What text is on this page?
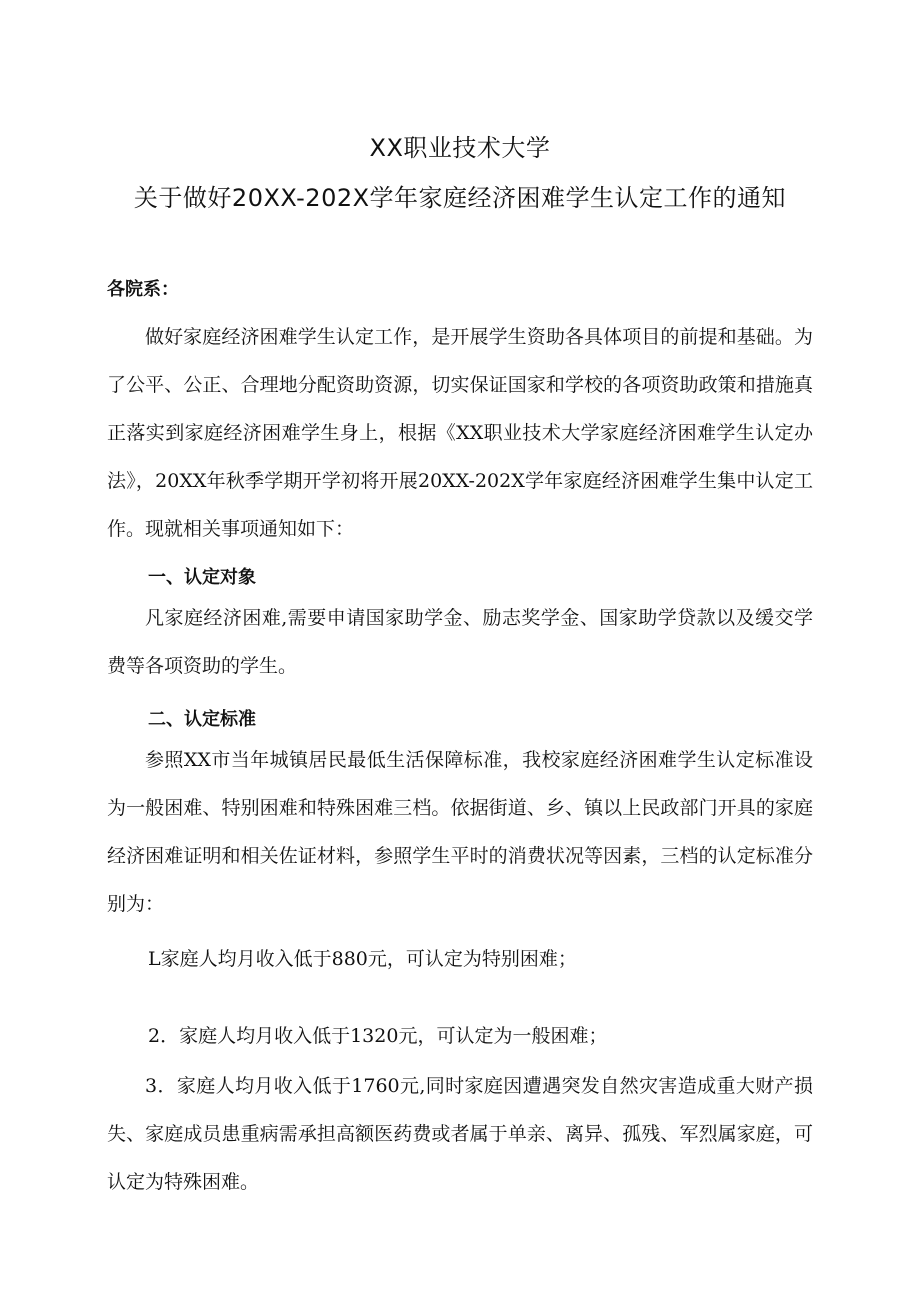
XX职业技术大学
关于做好20XX-202X学年家庭经济困难学生认定工作的通知
各院系：

做好家庭经济困难学生认定工作，是开展学生资助各具体项目的前提和基础。为了公平、公正、合理地分配资助资源，切实保证国家和学校的各项资助政策和措施真正落实到家庭经济困难学生身上，根据《XX职业技术大学家庭经济困难学生认定办法》，20XX年秋季学期开学初将开展20XX-202X学年家庭经济困难学生集中认定工作。现就相关事项通知如下：

一、认定对象

凡家庭经济困难,需要申请国家助学金、励志奖学金、国家助学贷款以及缓交学费等各项资助的学生。

二、认定标准

参照XX市当年城镇居民最低生活保障标准，我校家庭经济困难学生认定标准设为一般困难、特别困难和特殊困难三档。依据街道、乡、镇以上民政部门开具的家庭经济困难证明和相关佐证材料，参照学生平时的消费状况等因素，三档的认定标准分别为：

L家庭人均月收入低于880元，可认定为特别困难；
2．家庭人均月收入低于1320元，可认定为一般困难；

3．家庭人均月收入低于1760元,同时家庭因遭遇突发自然灾害造成重大财产损失、家庭成员患重病需承担高额医药费或者属于单亲、离异、孤残、军烈属家庭，可认定为特殊困难。
